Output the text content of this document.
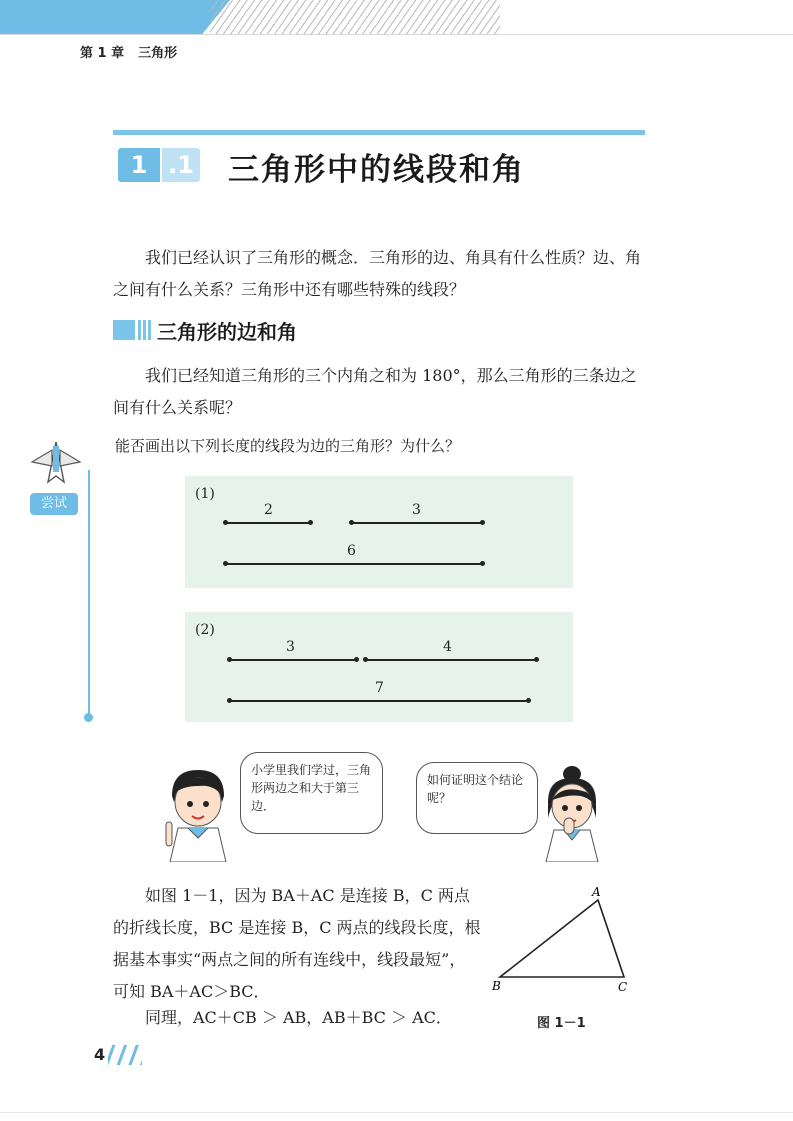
第 1 章 三角形
1 .1 三角形中的线段和角
我们已经认识了三角形的概念．三角形的边、角具有什么性质？边、角之间有什么关系？三角形中还有哪些特殊的线段？
三角形的边和角
我们已经知道三角形的三个内角之和为 180°，那么三角形的三条边之间有什么关系呢？
尝试
能否画出以下列长度的线段为边的三角形？为什么？
(1)
2	3
6
(2)
3	4
7
小学里我们学过，三角形两边之和大于第三边．
如何证明这个结论呢？
如图 1－1，因为 BA＋AC 是连接 B，C 两点的折线长度，BC 是连接 B，C 两点的线段长度，根据基本事实“两点之间的所有连线中，线段最短”，可知 BA＋AC＞BC．
同理，AC＋CB ＞ AB，AB＋BC ＞ AC．
A
B	C
图 1－1
4
